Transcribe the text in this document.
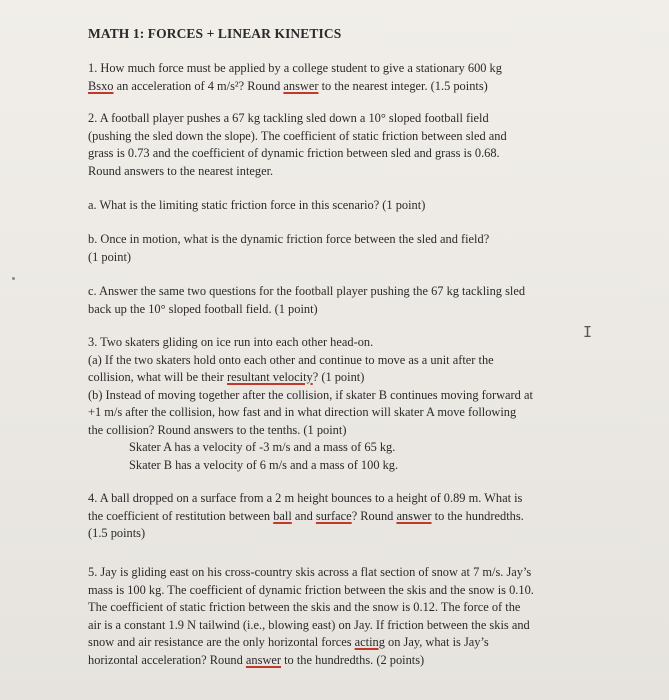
MATH 1: FORCES + LINEAR KINETICS

1. How much force must be applied by a college student to give a stationary 600 kg

Bsxo an acceleration of 4 m/s²? Round answer to the nearest integer. (1.5 points)

2. A football player pushes a 67 kg tackling sled down a 10° sloped football field

(pushing the sled down the slope). The coefficient of static friction between sled and

grass is 0.73 and the coefficient of dynamic friction between sled and grass is 0.68.

Round answers to the nearest integer.

a. What is the limiting static friction force in this scenario? (1 point)

b. Once in motion, what is the dynamic friction force between the sled and field?

(1 point)

c. Answer the same two questions for the football player pushing the 67 kg tackling sled

back up the 10° sloped football field. (1 point)

3. Two skaters gliding on ice run into each other head-on.

(a) If the two skaters hold onto each other and continue to move as a unit after the

collision, what will be their resultant velocity? (1 point)

(b) Instead of moving together after the collision, if skater B continues moving forward at

+1 m/s after the collision, how fast and in what direction will skater A move following

the collision? Round answers to the tenths. (1 point)

Skater A has a velocity of -3 m/s and a mass of 65 kg.

Skater B has a velocity of 6 m/s and a mass of 100 kg.

4. A ball dropped on a surface from a 2 m height bounces to a height of 0.89 m. What is

the coefficient of restitution between ball and surface? Round answer to the hundredths.

(1.5 points)

5. Jay is gliding east on his cross-country skis across a flat section of snow at 7 m/s. Jay’s

mass is 100 kg. The coefficient of dynamic friction between the skis and the snow is 0.10.

The coefficient of static friction between the skis and the snow is 0.12. The force of the

air is a constant 1.9 N tailwind (i.e., blowing east) on Jay. If friction between the skis and

snow and air resistance are the only horizontal forces acting on Jay, what is Jay’s

horizontal acceleration? Round answer to the hundredths. (2 points)

I
